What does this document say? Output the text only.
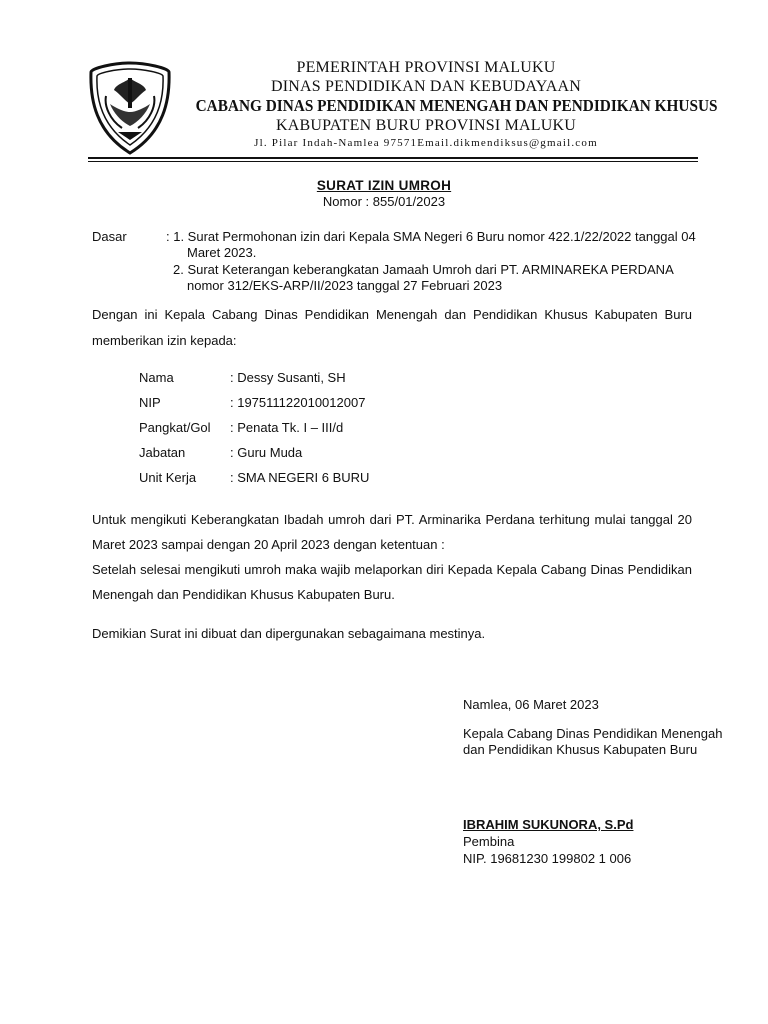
PEMERINTAH PROVINSI MALUKU
DINAS PENDIDIKAN DAN KEBUDAYAAN
CABANG DINAS PENDIDIKAN MENENGAH DAN PENDIDIKAN KHUSUS
KABUPATEN BURU PROVINSI MALUKU
Jl. Pilar Indah-Namlea 97571Email.dikmendiksus@gmail.com
SURAT IZIN UMROH
Nomor : 855/01/2023
Dasar	: 1. Surat Permohonan izin dari Kepala SMA Negeri 6 Buru nomor 422.1/22/2022 tanggal 04
Maret 2023.
2. Surat Keterangan keberangkatan Jamaah Umroh dari PT. ARMINAREKA PERDANA
nomor 312/EKS-ARP/II/2023 tanggal 27 Februari 2023
Dengan ini Kepala Cabang Dinas Pendidikan Menengah dan Pendidikan Khusus Kabupaten Buru
memberikan izin kepada:
Nama	: Dessy Susanti, SH
NIP	: 197511122010012007
Pangkat/Gol : Penata Tk. I – III/d
Jabatan	: Guru Muda
Unit Kerja	: SMA NEGERI 6 BURU
Untuk mengikuti Keberangkatan Ibadah umroh dari PT. Arminarika Perdana terhitung mulai tanggal 20
Maret 2023 sampai dengan 20 April 2023 dengan ketentuan :
Setelah selesai mengikuti umroh maka wajib melaporkan diri Kepada Kepala Cabang Dinas Pendidikan
Menengah dan Pendidikan Khusus Kabupaten Buru.
Demikian Surat ini dibuat dan dipergunakan sebagaimana mestinya.
Namlea, 06 Maret 2023
Kepala Cabang Dinas Pendidikan Menengah
dan Pendidikan Khusus Kabupaten Buru
IBRAHIM SUKUNORA, S.Pd
Pembina
NIP. 19681230 199802 1 006
